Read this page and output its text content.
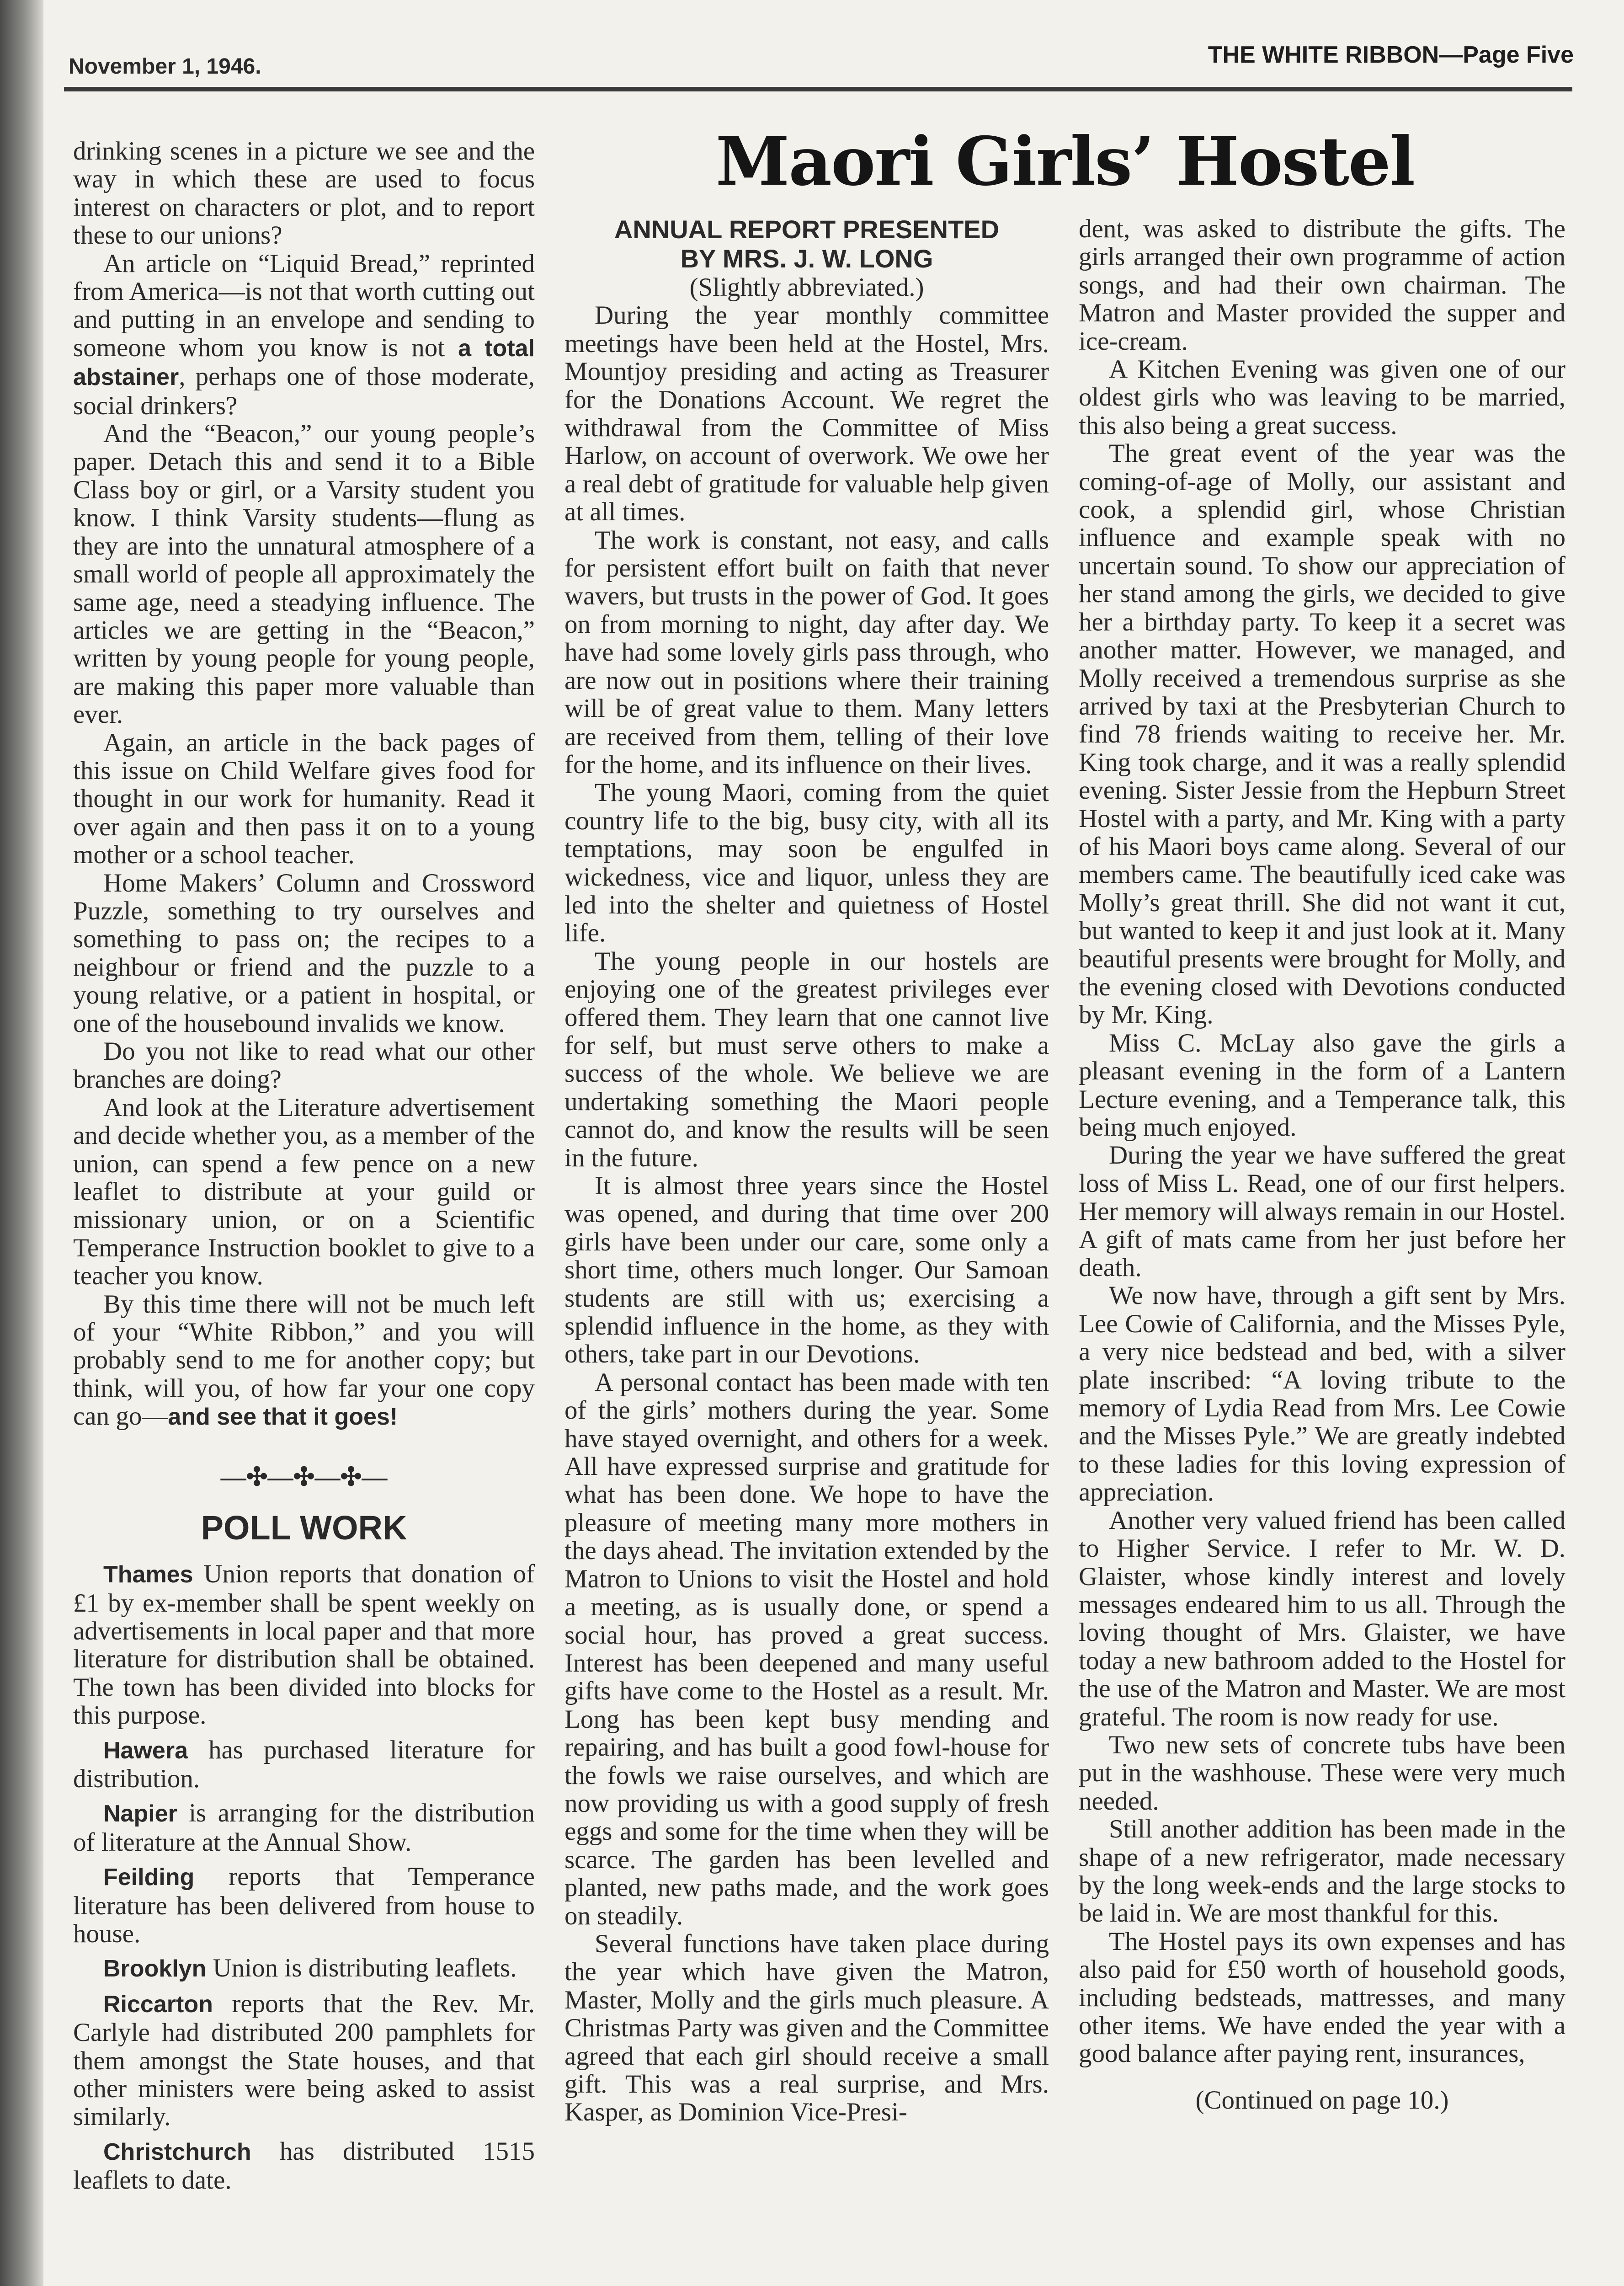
November 1, 1946.	THE WHITE RIBBON—Page Five

drinking scenes in a picture we see and the way in which these are used to focus interest on characters or plot, and to report these to our unions?

An article on “Liquid Bread,” reprinted from America—is not that worth cutting out and putting in an envelope and sending to someone whom you know is not a total abstainer, perhaps one of those moderate, social drinkers?

And the “Beacon,” our young people’s paper. Detach this and send it to a Bible Class boy or girl, or a Varsity student you know. I think Varsity students—flung as they are into the unnatural atmosphere of a small world of people all approximately the same age, need a steadying influence. The articles we are getting in the “Beacon,” written by young people for young people, are making this paper more valuable than ever.

Again, an article in the back pages of this issue on Child Welfare gives food for thought in our work for humanity. Read it over again and then pass it on to a young mother or a school teacher.

Home Makers’ Column and Crossword Puzzle, something to try ourselves and something to pass on; the recipes to a neighbour or friend and the puzzle to a young relative, or a patient in hospital, or one of the housebound invalids we know.

Do you not like to read what our other branches are doing?

And look at the Literature advertisement and decide whether you, as a member of the union, can spend a few pence on a new leaflet to distribute at your guild or missionary union, or on a Scientific Temperance Instruction booklet to give to a teacher you know.

By this time there will not be much left of your “White Ribbon,” and you will probably send to me for another copy; but think, will you, of how far your one copy can go—and see that it goes!

—✣—✣—✣—

POLL WORK

Thames Union reports that donation of £1 by ex-member shall be spent weekly on advertisements in local paper and that more literature for distribution shall be obtained. The town has been divided into blocks for this purpose.

Hawera has purchased literature for distribution.

Napier is arranging for the distribution of literature at the Annual Show.

Feilding reports that Temperance literature has been delivered from house to house.

Brooklyn Union is distributing leaflets.

Riccarton reports that the Rev. Mr. Carlyle had distributed 200 pamphlets for them amongst the State houses, and that other ministers were being asked to assist similarly.

Christchurch has distributed 1515 leaflets to date.

Maori Girls’ Hostel

ANNUAL REPORT PRESENTED

BY MRS. J. W. LONG

(Slightly abbreviated.)

During the year monthly committee meetings have been held at the Hostel, Mrs. Mountjoy presiding and acting as Treasurer for the Donations Account. We regret the withdrawal from the Committee of Miss Harlow, on account of overwork. We owe her a real debt of gratitude for valuable help given at all times.

The work is constant, not easy, and calls for persistent effort built on faith that never wavers, but trusts in the power of God. It goes on from morning to night, day after day. We have had some lovely girls pass through, who are now out in positions where their training will be of great value to them. Many letters are received from them, telling of their love for the home, and its influence on their lives.

The young Maori, coming from the quiet country life to the big, busy city, with all its temptations, may soon be engulfed in wickedness, vice and liquor, unless they are led into the shelter and quietness of Hostel life.

The young people in our hostels are enjoying one of the greatest privileges ever offered them. They learn that one cannot live for self, but must serve others to make a success of the whole. We believe we are undertaking something the Maori people cannot do, and know the results will be seen in the future.

It is almost three years since the Hostel was opened, and during that time over 200 girls have been under our care, some only a short time, others much longer. Our Samoan students are still with us; exercising a splendid influence in the home, as they with others, take part in our Devotions.

A personal contact has been made with ten of the girls’ mothers during the year. Some have stayed overnight, and others for a week. All have expressed surprise and gratitude for what has been done. We hope to have the pleasure of meeting many more mothers in the days ahead. The invitation extended by the Matron to Unions to visit the Hostel and hold a meeting, as is usually done, or spend a social hour, has proved a great success. Interest has been deepened and many useful gifts have come to the Hostel as a result. Mr. Long has been kept busy mending and repairing, and has built a good fowl-house for the fowls we raise ourselves, and which are now providing us with a good supply of fresh eggs and some for the time when they will be scarce. The garden has been levelled and planted, new paths made, and the work goes on steadily.

Several functions have taken place during the year which have given the Matron, Master, Molly and the girls much pleasure. A Christmas Party was given and the Committee agreed that each girl should receive a small gift. This was a real surprise, and Mrs. Kasper, as Dominion Vice-Presi-

dent, was asked to distribute the gifts. The girls arranged their own programme of action songs, and had their own chairman. The Matron and Master provided the supper and ice-cream.

A Kitchen Evening was given one of our oldest girls who was leaving to be married, this also being a great success.

The great event of the year was the coming-of-age of Molly, our assistant and cook, a splendid girl, whose Christian influence and example speak with no uncertain sound. To show our appreciation of her stand among the girls, we decided to give her a birthday party. To keep it a secret was another matter. However, we managed, and Molly received a tremendous surprise as she arrived by taxi at the Presbyterian Church to find 78 friends waiting to receive her. Mr. King took charge, and it was a really splendid evening. Sister Jessie from the Hepburn Street Hostel with a party, and Mr. King with a party of his Maori boys came along. Several of our members came. The beautifully iced cake was Molly’s great thrill. She did not want it cut, but wanted to keep it and just look at it. Many beautiful presents were brought for Molly, and the evening closed with Devotions conducted by Mr. King.

Miss C. McLay also gave the girls a pleasant evening in the form of a Lantern Lecture evening, and a Temperance talk, this being much enjoyed.

During the year we have suffered the great loss of Miss L. Read, one of our first helpers. Her memory will always remain in our Hostel. A gift of mats came from her just before her death.

We now have, through a gift sent by Mrs. Lee Cowie of California, and the Misses Pyle, a very nice bedstead and bed, with a silver plate inscribed: “A loving tribute to the memory of Lydia Read from Mrs. Lee Cowie and the Misses Pyle.” We are greatly indebted to these ladies for this loving expression of appreciation.

Another very valued friend has been called to Higher Service. I refer to Mr. W. D. Glaister, whose kindly interest and lovely messages endeared him to us all. Through the loving thought of Mrs. Glaister, we have today a new bathroom added to the Hostel for the use of the Matron and Master. We are most grateful. The room is now ready for use.

Two new sets of concrete tubs have been put in the washhouse. These were very much needed.

Still another addition has been made in the shape of a new refrigerator, made necessary by the long week-ends and the large stocks to be laid in. We are most thankful for this.

The Hostel pays its own expenses and has also paid for £50 worth of household goods, including bedsteads, mattresses, and many other items. We have ended the year with a good balance after paying rent, insurances,

(Continued on page 10.)
